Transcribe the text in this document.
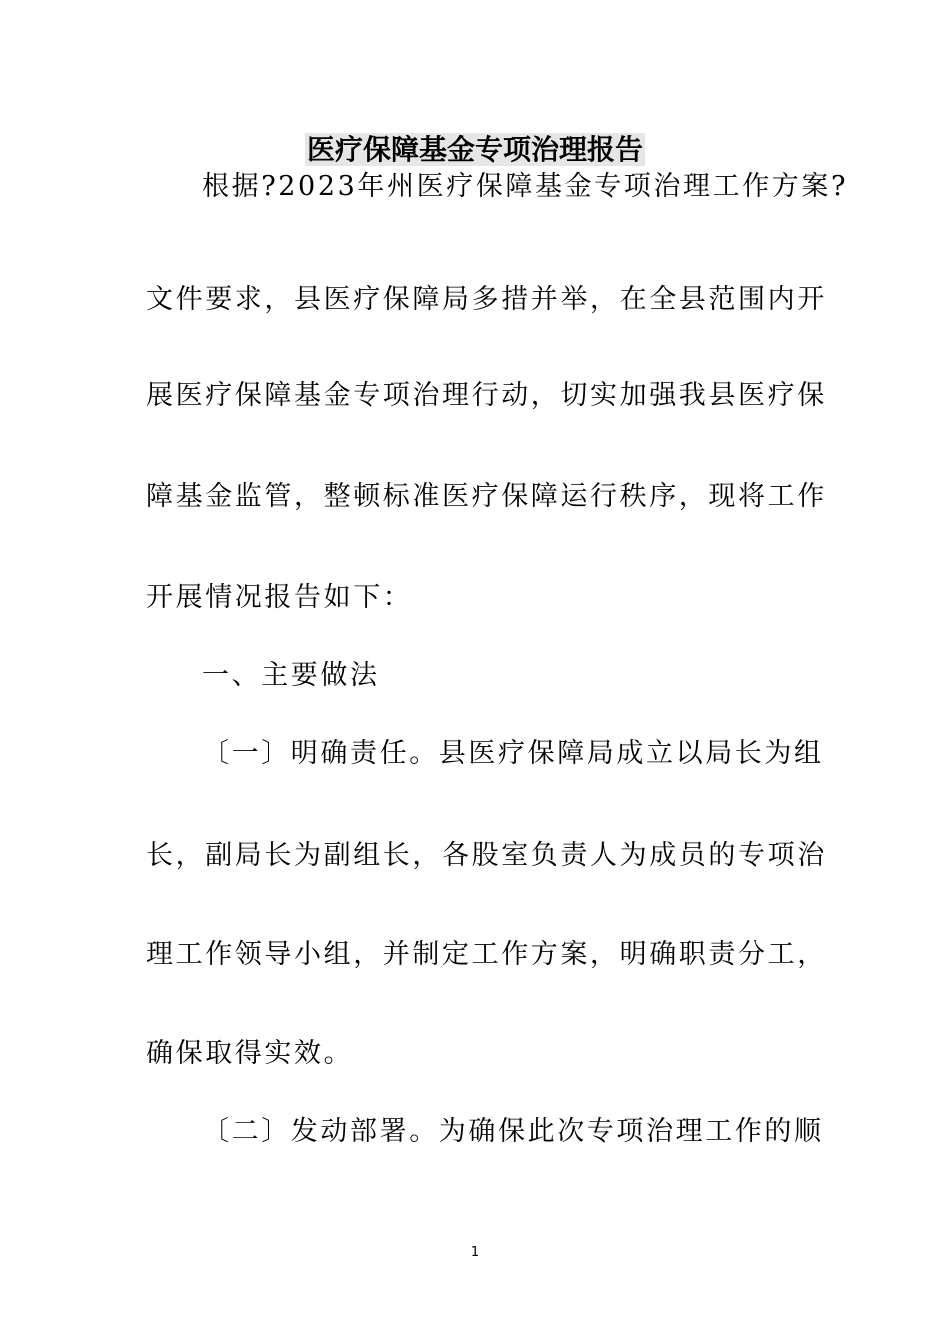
医疗保障基金专项治理报告
根据?2023年州医疗保障基金专项治理工作方案?
文件要求，县医疗保障局多措并举，在全县范围内开
展医疗保障基金专项治理行动，切实加强我县医疗保
障基金监管，整顿标准医疗保障运行秩序，现将工作
开展情况报告如下：
一、主要做法
〔一〕明确责任。县医疗保障局成立以局长为组
长，副局长为副组长，各股室负责人为成员的专项治
理工作领导小组，并制定工作方案，明确职责分工，
确保取得实效。
〔二〕发动部署。为确保此次专项治理工作的顺
1
